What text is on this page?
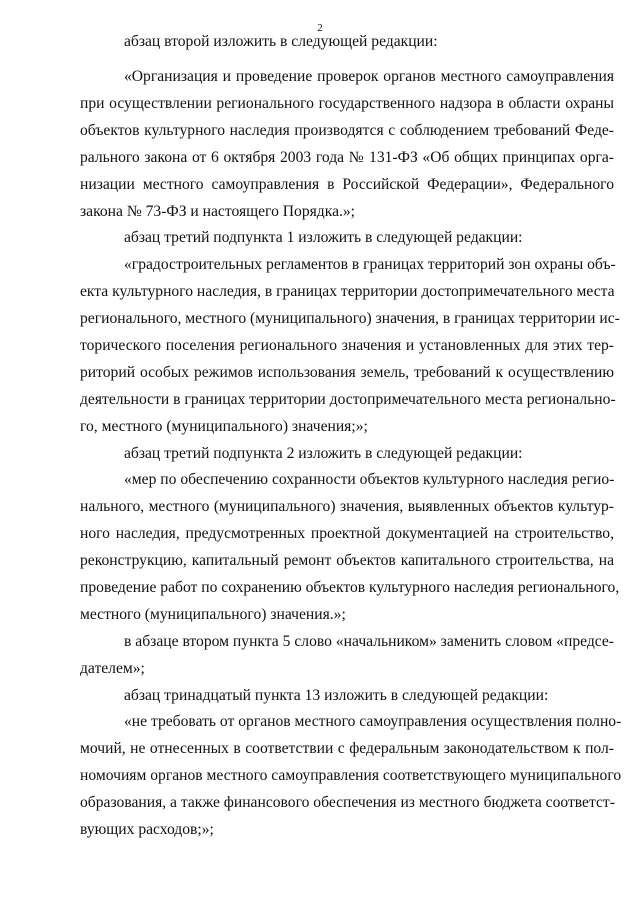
2
абзац второй изложить в следующей редакции:
«Организация и проведение проверок органов местного самоуправления
при осуществлении регионального государственного надзора в области охраны
объектов культурного наследия производятся с соблюдением требований Феде-
рального закона от 6 октября 2003 года № 131-ФЗ «Об общих принципах орга-
низации местного самоуправления в Российской Федерации», Федерального
закона № 73-ФЗ и настоящего Порядка.»;
абзац третий подпункта 1 изложить в следующей редакции:
«градостроительных регламентов в границах территорий зон охраны объ-
екта культурного наследия, в границах территории достопримечательного места
регионального, местного (муниципального) значения, в границах территории ис-
торического поселения регионального значения и установленных для этих тер-
риторий особых режимов использования земель, требований к осуществлению
деятельности в границах территории достопримечательного места регионально-
го, местного (муниципального) значения;»;
абзац третий подпункта 2 изложить в следующей редакции:
«мер по обеспечению сохранности объектов культурного наследия регио-
нального, местного (муниципального) значения, выявленных объектов культур-
ного наследия, предусмотренных проектной документацией на строительство,
реконструкцию, капитальный ремонт объектов капитального строительства, на
проведение работ по сохранению объектов культурного наследия регионального,
местного (муниципального) значения.»;
в абзаце втором пункта 5 слово «начальником» заменить словом «предсе-
дателем»;
абзац тринадцатый пункта 13 изложить в следующей редакции:
«не требовать от органов местного самоуправления осуществления полно-
мочий, не отнесенных в соответствии с федеральным законодательством к пол-
номочиям органов местного самоуправления соответствующего муниципального
образования, а также финансового обеспечения из местного бюджета соответст-
вующих расходов;»;
